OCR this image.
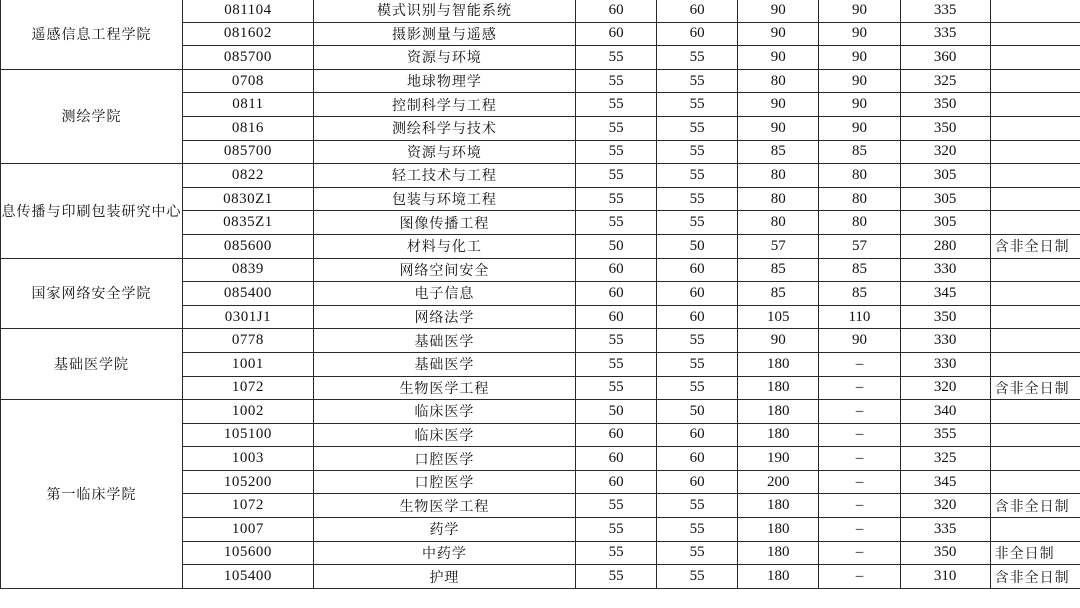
遥感信息工程学院	081104	模式识别与智能系统	60	60	90	90	335	
	081602	摄影测量与遥感	60	60	90	90	335	
	085700	资源与环境	55	55	90	90	360	
测绘学院	0708	地球物理学	55	55	80	90	325	
	0811	控制科学与工程	55	55	90	90	350	
	0816	测绘科学与技术	55	55	90	90	350	
	085700	资源与环境	55	55	85	85	320	
息传播与印刷包装研究中心	0822	轻工技术与工程	55	55	80	80	305	
	0830Z1	包装与环境工程	55	55	80	80	305	
	0835Z1	图像传播工程	55	55	80	80	305	
	085600	材料与化工	50	50	57	57	280	含非全日制
国家网络安全学院	0839	网络空间安全	60	60	85	85	330	
	085400	电子信息	60	60	85	85	345	
	0301J1	网络法学	60	60	105	110	350	
基础医学院	0778	基础医学	55	55	90	90	330	
	1001	基础医学	55	55	180	–	330	
	1072	生物医学工程	55	55	180	–	320	含非全日制
第一临床学院	1002	临床医学	50	50	180	–	340	
	105100	临床医学	60	60	180	–	355	
	1003	口腔医学	60	60	190	–	325	
	105200	口腔医学	60	60	200	–	345	
	1072	生物医学工程	55	55	180	–	320	含非全日制
	1007	药学	55	55	180	–	335	
	105600	中药学	55	55	180	–	350	非全日制
	105400	护理	55	55	180	–	310	含非全日制
